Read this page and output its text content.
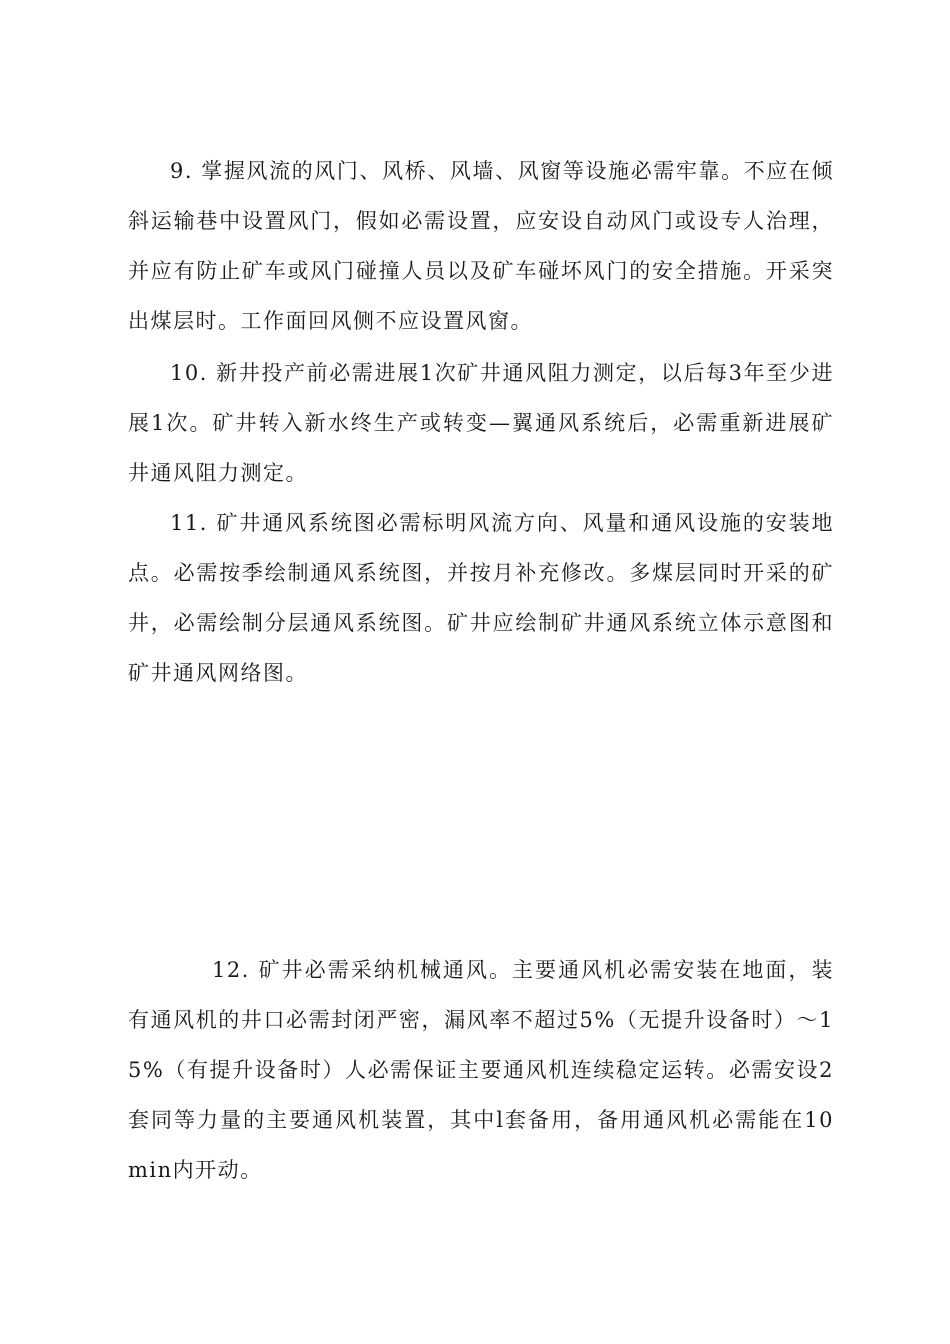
9. 掌握风流的风门、风桥、风墙、风窗等设施必需牢靠。不应在倾斜运输巷中设置风门，假如必需设置，应安设自动风门或设专人治理，并应有防止矿车或风门碰撞人员以及矿车碰坏风门的安全措施。开采突出煤层时。工作面回风侧不应设置风窗。

10. 新井投产前必需进展1次矿井通风阻力测定，以后每3年至少进展1次。矿井转入新水终生产或转变—翼通风系统后，必需重新进展矿井通风阻力测定。

11. 矿井通风系统图必需标明风流方向、风量和通风设施的安装地点。必需按季绘制通风系统图，并按月补充修改。多煤层同时开采的矿井，必需绘制分层通风系统图。矿井应绘制矿井通风系统立体示意图和矿井通风网络图。

12. 矿井必需采纳机械通风。主要通风机必需安装在地面，装有通风机的井口必需封闭严密，漏风率不超过5%（无提升设备时）～15%（有提升设备时）人必需保证主要通风机连续稳定运转。必需安设2套同等力量的主要通风机装置，其中l套备用，备用通风机必需能在10min内开动。
